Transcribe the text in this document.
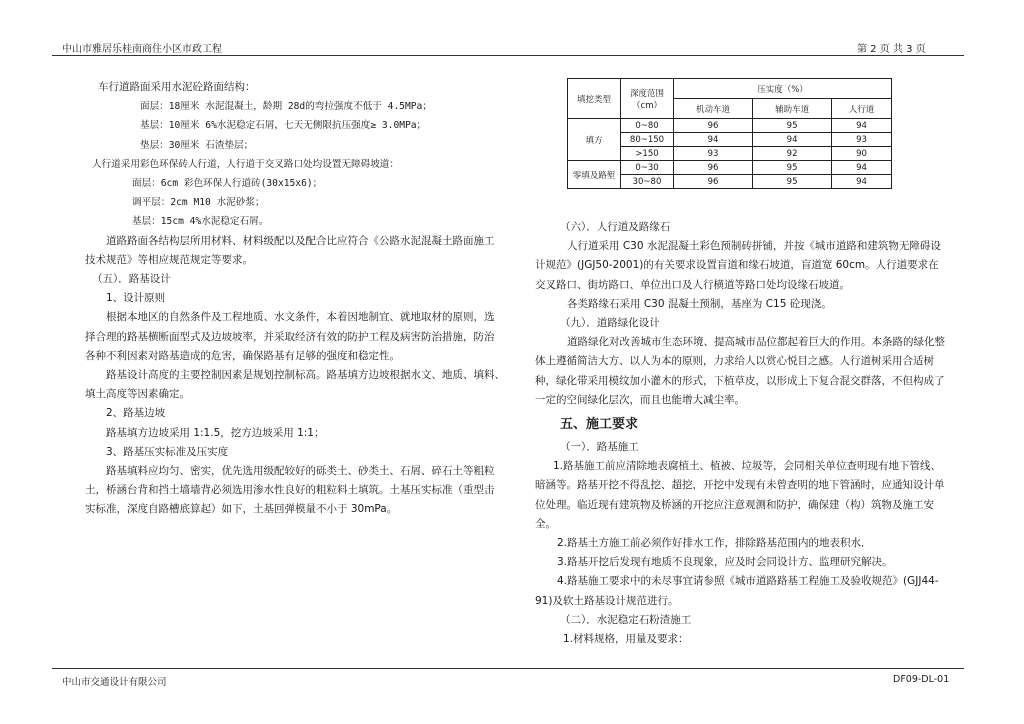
中山市雅居乐桂南商住小区市政工程	第 2 页 共 3 页

车行道路面采用水泥砼路面结构：

面层：18厘米 水泥混凝土，龄期 28d的弯拉强度不低于 4.5MPa；

基层：10厘米 6%水泥稳定石屑，七天无侧限抗压强度≥ 3.0MPa；

垫层：30厘米 石渣垫层；

人行道采用彩色环保砖人行道，人行道于交叉路口处均设置无障碍坡道：

面层：6cm 彩色环保人行道砖(30x15x6)；

调平层：2cm M10 水泥砂浆；

基层：15cm 4%水泥稳定石屑。

道路路面各结构层所用材料、材料级配以及配合比应符合《公路水泥混凝土路面施工

技术规范》等相应规范规定等要求。

（五）．路基设计

1、设计原则

根据本地区的自然条件及工程地质、水文条件，本着因地制宜、就地取材的原则，选

择合理的路基横断面型式及边坡坡率，并采取经济有效的防护工程及病害防治措施，防治

各种不利因素对路基造成的危害，确保路基有足够的强度和稳定性。

路基设计高度的主要控制因素是规划控制标高。路基填方边坡根据水文、地质、填料、

填土高度等因素确定。

2、路基边坡

路基填方边坡采用 1:1.5，挖方边坡采用 1:1；

3、路基压实标准及压实度

路基填料应均匀、密实，优先选用级配较好的砾类土、砂类土、石屑、碎石土等粗粒

土，桥涵台背和挡土墙墙背必须选用渗水性良好的粗粒料土填筑。土基压实标准（重型击

实标准，深度自路槽底算起）如下，土基回弹模量不小于 30mPa。

填挖类型	深度范围（cm）	压实度（%）		
		机动车道	辅助车道	人行道
填方	0~80	96	95	94
	80~150	94	94	93
	>150	93	92	90
零填及路堑	0~30	96	95	94
	30~80	96	95	94

（六）．人行道及路缘石

人行道采用 C30 水泥混凝土彩色预制砖拼铺，并按《城市道路和建筑物无障碍设计规范》(JGJ50-2001)的有关要求设置盲道和缘石坡道，盲道宽 60cm。人行道要求在交叉路口、街坊路口、单位出口及人行横道等路口处均设缘石坡道。

各类路缘石采用 C30 混凝土预制，基座为 C15 砼现浇。

（九）．道路绿化设计

道路绿化对改善城市生态环境、提高城市品位都起着巨大的作用。本条路的绿化整体上遵循简洁大方、以人为本的原则，力求给人以赏心悦目之感。人行道树采用合适树种，绿化带采用模纹加小灌木的形式，下植草皮，以形成上下复合混交群落，不但构成了一定的空间绿化层次，而且也能增大减尘率。

五、施工要求

（一）．路基施工

1.路基施工前应清除地表腐植土、植被、垃圾等，会同相关单位查明现有地下管线、暗涵等。路基开挖不得乱挖、超挖，开挖中发现有未曾查明的地下管涵时，应通知设计单位处理。临近现有建筑物及桥涵的开挖应注意观测和防护，确保建（构）筑物及施工安全。

2.路基土方施工前必须作好排水工作，排除路基范围内的地表积水．

3.路基开挖后发现有地质不良现象，应及时会同设计方、监理研究解决。

4.路基施工要求中的未尽事宜请参照《城市道路路基工程施工及验收规范》(GJJ44-91)及软土路基设计规范进行。

（二）．水泥稳定石粉渣施工

1.材料规格，用量及要求：

中山市交通设计有限公司	DF09-DL-01
